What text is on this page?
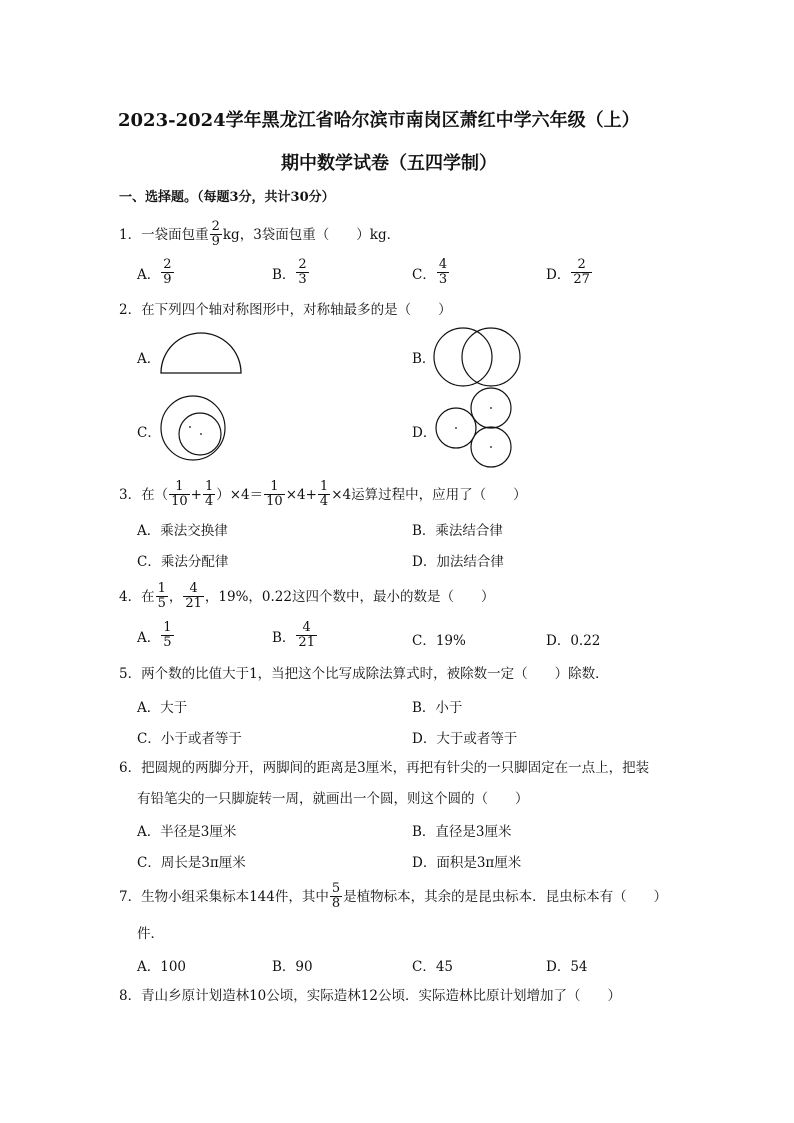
2023-2024学年黑龙江省哈尔滨市南岗区萧红中学六年级（上）
期中数学试卷（五四学制）
一、选择题。（每题3分，共计30分）
1．一袋面包重 $\frac{2}{9}$ kg，3袋面包重（　　）kg．
A． $\frac{2}{9}$	B． $\frac{2}{3}$	C． $\frac{4}{3}$	D． $\frac{2}{27}$
2．在下列四个轴对称图形中，对称轴最多的是（　　）
A．	B．
C．	D．
3．在（ $\frac{1}{10} + \frac{1}{4} )\times 4= \frac{1}{10} \times 4+ \frac{1}{4} \times 4$运算过程中，应用了（　　）
A．乘法交换律	B．乘法结合律
C．乘法分配律	D．加法结合律
4．在 $\frac{1}{5}$ ， $\frac{4}{21}$ ，19%，0.22这四个数中，最小的数是（　　）
A． $\frac{1}{5}$	B． $\frac{4}{21}$	C．19%	D．0.22
5．两个数的比值大于1，当把这个比写成除法算式时，被除数一定（　　）除数．
A．大于	B．小于
C．小于或者等于	D．大于或者等于
6．把圆规的两脚分开，两脚间的距离是3厘米，再把有针尖的一只脚固定在一点上，把装
有铅笔尖的一只脚旋转一周，就画出一个圆，则这个圆的（　　）
A．半径是3厘米	B．直径是3厘米
C．周长是3π厘米	D．面积是3π厘米
7．生物小组采集标本144件，其中 $\frac{5}{8}$ 是植物标本，其余的是昆虫标本．昆虫标本有（　　）
件．
A．100	B．90	C．45	D．54
8．青山乡原计划造林10公顷，实际造林12公顷．实际造林比原计划增加了（　　）
